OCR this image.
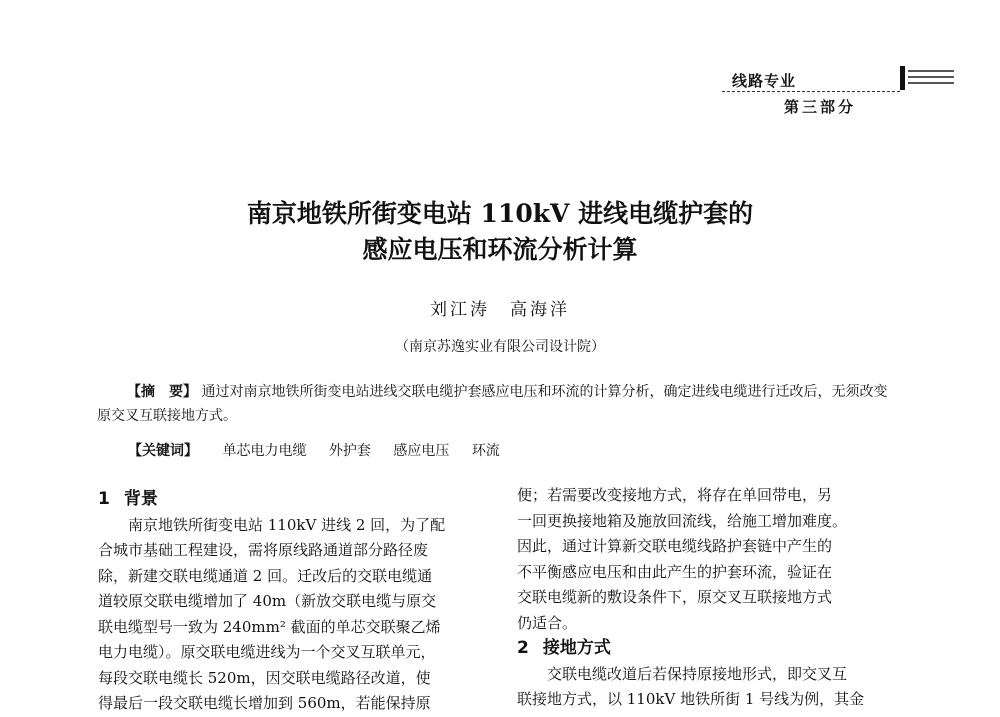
线路专业
第三部分
南京地铁所街变电站 110kV 进线电缆护套的
感应电压和环流分析计算
刘江涛　高海洋
（南京苏逸实业有限公司设计院）
【摘　要】 通过对南京地铁所街变电站进线交联电缆护套感应电压和环流的计算分析，确定进线电缆进行迁改后，无须改变原交叉互联接地方式。
【关键词】 单芯电力电缆 外护套 感应电压 环流
1 背景

南京地铁所街变电站 110kV 进线 2 回，为了配

合城市基础工程建设，需将原线路通道部分路径废

除，新建交联电缆通道 2 回。迁改后的交联电缆通

道较原交联电缆增加了 40m（新放交联电缆与原交

联电缆型号一致为 240mm² 截面的单芯交联聚乙烯

电力电缆）。原交联电缆进线为一个交叉互联单元，

每段交联电缆长 520m，因交联电缆路径改道，使

得最后一段交联电缆长增加到 560m，若能保持原

便；若需要改变接地方式，将存在单回带电，另

一回更换接地箱及施放回流线，给施工增加难度。

因此，通过计算新交联电缆线路护套链中产生的

不平衡感应电压和由此产生的护套环流，验证在

交联电缆新的敷设条件下，原交叉互联接地方式

仍适合。

2 接地方式

交联电缆改道后若保持原接地形式，即交叉互

联接地方式，以 110kV 地铁所街 1 号线为例，其金
